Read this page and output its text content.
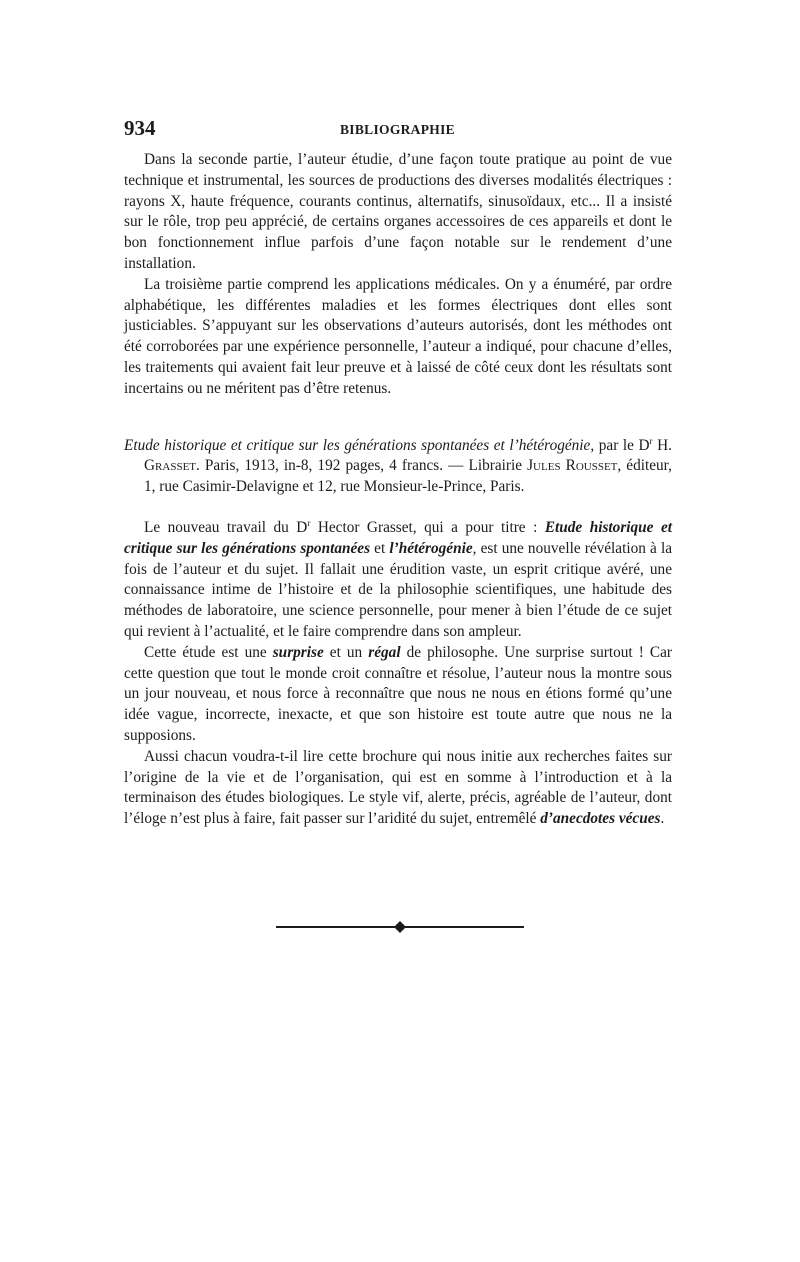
934	BIBLIOGRAPHIE

Dans la seconde partie, l’auteur étudie, d’une façon toute pratique au point de vue technique et instrumental, les sources de productions des diverses modalités électriques : rayons X, haute fréquence, courants continus, alternatifs, sinusoïdaux, etc... Il a insisté sur le rôle, trop peu apprécié, de certains organes accessoires de ces appareils et dont le bon fonctionnement influe parfois d’une façon notable sur le rendement d’une installation.

La troisième partie comprend les applications médicales. On y a énuméré, par ordre alphabétique, les différentes maladies et les formes électriques dont elles sont justiciables. S’appuyant sur les observations d’auteurs autorisés, dont les méthodes ont été corroborées par une expérience personnelle, l’auteur a indiqué, pour chacune d’elles, les traitements qui avaient fait leur preuve et à laissé de côté ceux dont les résultats sont incertains ou ne méritent pas d’être retenus.

Etude historique et critique sur les générations spontanées et l’hétérogénie, par le $D^r$ H. Grasset. Paris, 1913, in-8, 192 pages, 4 francs. — Librairie Jules Rousset, éditeur, 1, rue Casimir-Delavigne et 12, rue Monsieur-le-Prince, Paris.

Le nouveau travail du $D^r$ Hector Grasset, qui a pour titre : Etude historique et critique sur les générations spontanées et l’hétérogénie, est une nouvelle révélation à la fois de l’auteur et du sujet. Il fallait une érudition vaste, un esprit critique avéré, une connaissance intime de l’histoire et de la philosophie scientifiques, une habitude des méthodes de laboratoire, une science personnelle, pour mener à bien l’étude de ce sujet qui revient à l’actualité, et le faire comprendre dans son ampleur.

Cette étude est une surprise et un régal de philosophe. Une surprise surtout ! Car cette question que tout le monde croit connaître et résolue, l’auteur nous la montre sous un jour nouveau, et nous force à reconnaître que nous ne nous en étions formé qu’une idée vague, incorrecte, inexacte, et que son histoire est toute autre que nous ne la supposions.

Aussi chacun voudra-t-il lire cette brochure qui nous initie aux recherches faites sur l’origine de la vie et de l’organisation, qui est en somme à l’introduction et à la terminaison des études biologiques. Le style vif, alerte, précis, agréable de l’auteur, dont l’éloge n’est plus à faire, fait passer sur l’aridité du sujet, entremêlé d’anecdotes vécues.
